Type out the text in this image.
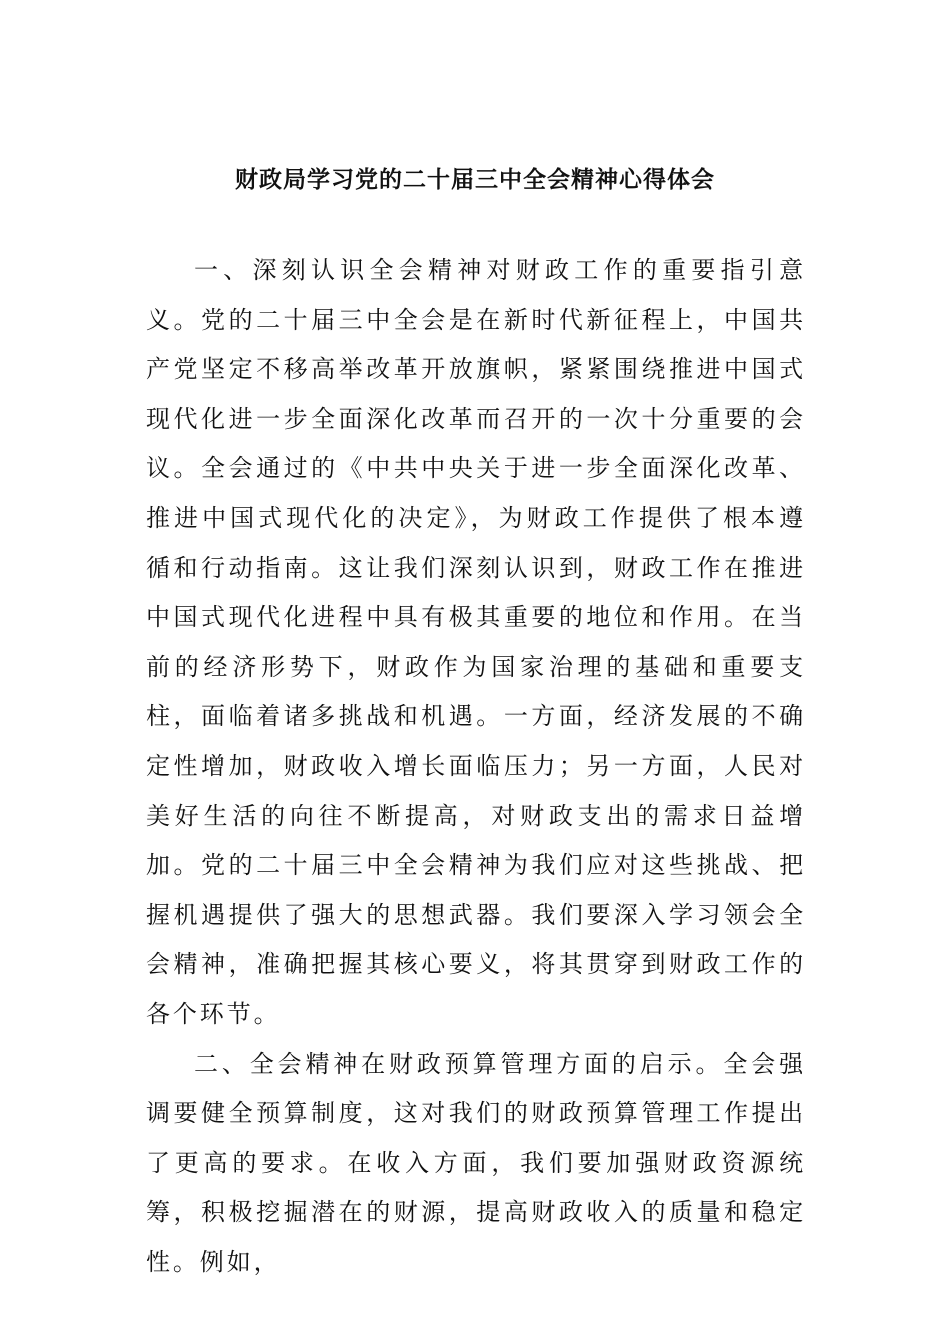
财政局学习党的二十届三中全会精神心得体会

一、深刻认识全会精神对财政工作的重要指引意义。党的二十届三中全会是在新时代新征程上，中国共产党坚定不移高举改革开放旗帜，紧紧围绕推进中国式现代化进一步全面深化改革而召开的一次十分重要的会议。全会通过的《中共中央关于进一步全面深化改革、推进中国式现代化的决定》，为财政工作提供了根本遵循和行动指南。这让我们深刻认识到，财政工作在推进中国式现代化进程中具有极其重要的地位和作用。在当前的经济形势下，财政作为国家治理的基础和重要支柱，面临着诸多挑战和机遇。一方面，经济发展的不确定性增加，财政收入增长面临压力；另一方面，人民对美好生活的向往不断提高，对财政支出的需求日益增加。党的二十届三中全会精神为我们应对这些挑战、把握机遇提供了强大的思想武器。我们要深入学习领会全会精神，准确把握其核心要义，将其贯穿到财政工作的各个环节。

二、全会精神在财政预算管理方面的启示。全会强调要健全预算制度，这对我们的财政预算管理工作提出了更高的要求。在收入方面，我们要加强财政资源统筹，积极挖掘潜在的财源，提高财政收入的质量和稳定性。例如，
